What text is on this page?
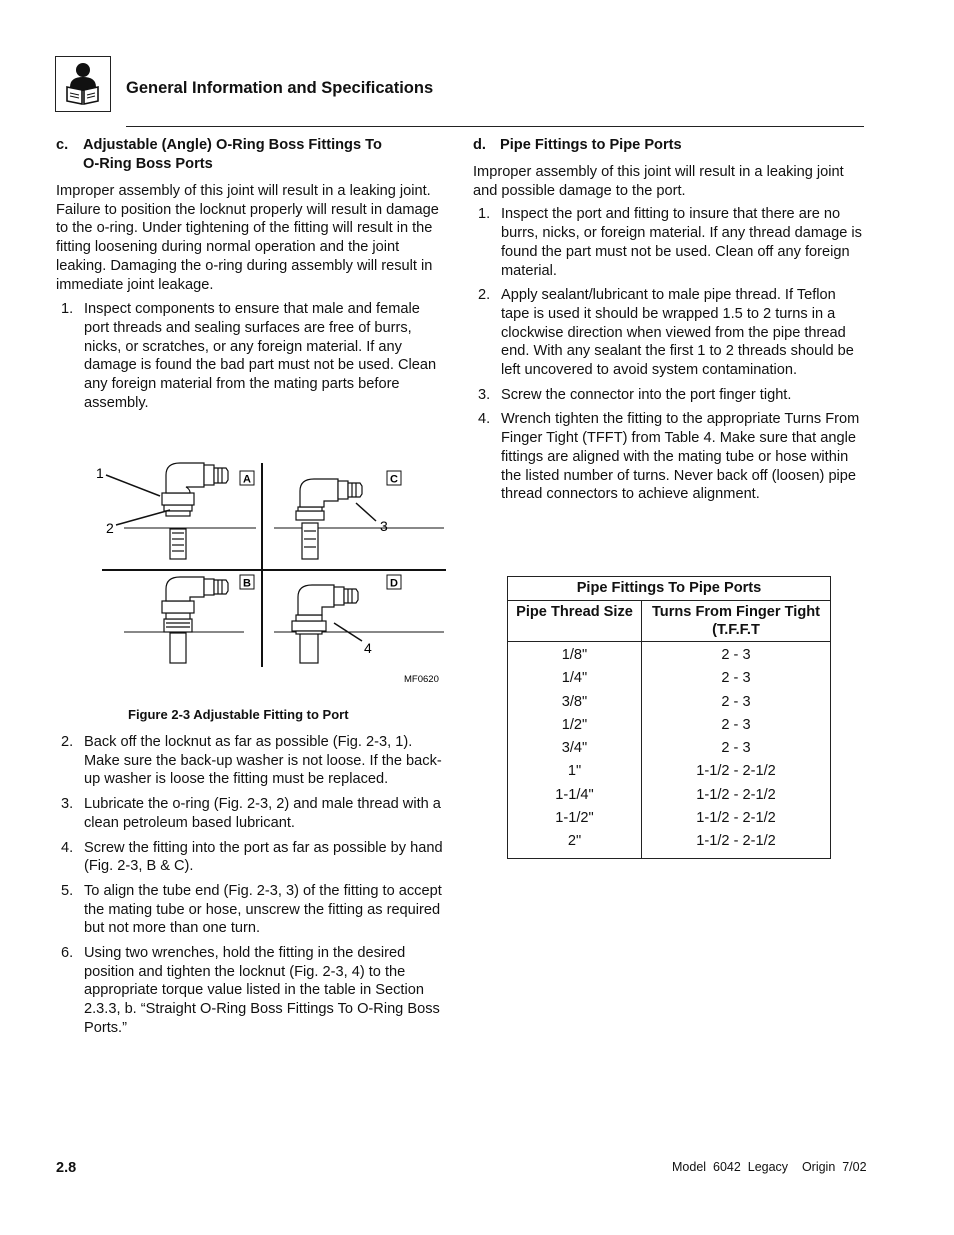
General Information and Specifications
c. Adjustable (Angle) O-Ring Boss Fittings To
O-Ring Boss Ports

Improper assembly of this joint will result in a leaking joint. Failure to position the locknut properly will result in damage to the o-ring. Under tightening of the fitting will result in the fitting loosening during normal operation and the joint leaking. Damaging the o-ring during assembly will result in immediate joint leakage.

1. Inspect components to ensure that male and female port threads and sealing surfaces are free of burrs, nicks, or scratches, or any foreign material. If any damage is found the bad part must not be used. Clean any foreign material from the mating parts before assembly.
A	C
B	D
1
2	3
4
MF0620
Figure 2-3 Adjustable Fitting to Port
2. Back off the locknut as far as possible (Fig. 2-3, 1). Make sure the back-up washer is not loose. If the back-up washer is loose the fitting must be replaced.
3. Lubricate the o-ring (Fig. 2-3, 2) and male thread with a clean petroleum based lubricant.
4. Screw the fitting into the port as far as possible by hand (Fig. 2-3, B & C).
5. To align the tube end (Fig. 2-3, 3) of the fitting to accept the mating tube or hose, unscrew the fitting as required but not more than one turn.
6. Using two wrenches, hold the fitting in the desired position and tighten the locknut (Fig. 2-3, 4) to the appropriate torque value listed in the table in Section 2.3.3, b. “Straight O-Ring Boss Fittings To O-Ring Boss Ports.”
d. Pipe Fittings to Pipe Ports

Improper assembly of this joint will result in a leaking joint and possible damage to the port.

1. Inspect the port and fitting to insure that there are no burrs, nicks, or foreign material. If any thread damage is found the part must not be used. Clean off any foreign material.
2. Apply sealant/lubricant to male pipe thread. If Teflon tape is used it should be wrapped 1.5 to 2 turns in a clockwise direction when viewed from the pipe thread end. With any sealant the first 1 to 2 threads should be left uncovered to avoid system contamination.
3. Screw the connector into the port finger tight.
4. Wrench tighten the fitting to the appropriate Turns From Finger Tight (TFFT) from Table 4. Make sure that angle fittings are aligned with the mating tube or hose within the listed number of turns. Never back off (loosen) pipe thread connectors to achieve alignment.
Pipe Fittings To Pipe Ports	
Pipe Thread Size	Turns From Finger Tight
(T.F.F.T
1/8"	2 - 3
1/4"	2 - 3
3/8"	2 - 3
1/2"	2 - 3
3/4"	2 - 3
1"	1-1/2 - 2-1/2
1-1/4"	1-1/2 - 2-1/2
1-1/2"	1-1/2 - 2-1/2
2"	1-1/2 - 2-1/2
2.8	Model  6042  Legacy    Origin  7/02
